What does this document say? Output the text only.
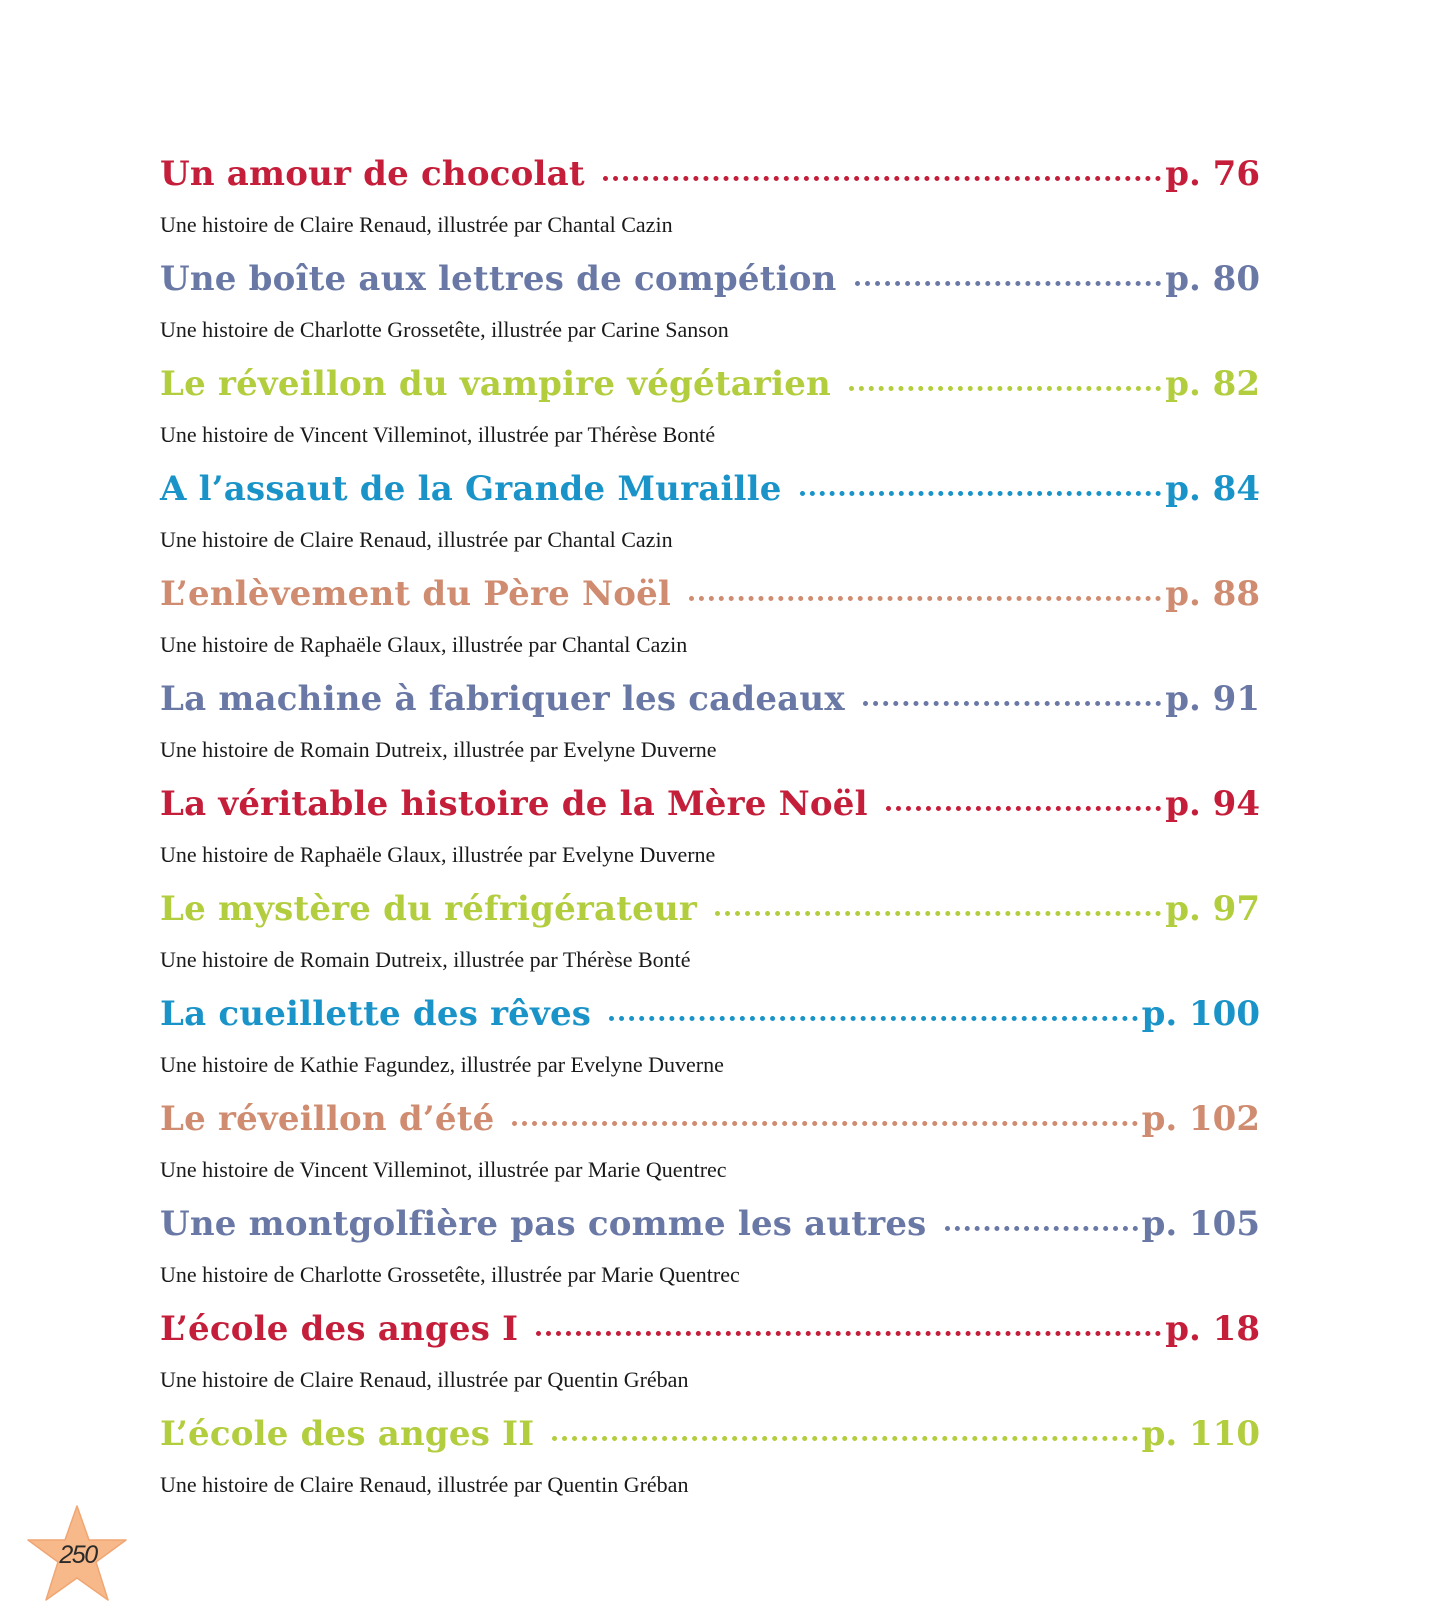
Un amour de chocolat	p. 76
Une histoire de Claire Renaud, illustrée par Chantal Cazin
Une boîte aux lettres de compétion	p. 80
Une histoire de Charlotte Grossetête, illustrée par Carine Sanson
Le réveillon du vampire végétarien	p. 82
Une histoire de Vincent Villeminot, illustrée par Thérèse Bonté
A l’assaut de la Grande Muraille	p. 84
Une histoire de Claire Renaud, illustrée par Chantal Cazin
L’enlèvement du Père Noël	p. 88
Une histoire de Raphaële Glaux, illustrée par Chantal Cazin
La machine à fabriquer les cadeaux	p. 91
Une histoire de Romain Dutreix, illustrée par Evelyne Duverne
La véritable histoire de la Mère Noël	p. 94
Une histoire de Raphaële Glaux, illustrée par Evelyne Duverne
Le mystère du réfrigérateur	p. 97
Une histoire de Romain Dutreix, illustrée par Thérèse Bonté
La cueillette des rêves	p. 100
Une histoire de Kathie Fagundez, illustrée par Evelyne Duverne
Le réveillon d’été	p. 102
Une histoire de Vincent Villeminot, illustrée par Marie Quentrec
Une montgolfière pas comme les autres	p. 105
Une histoire de Charlotte Grossetête, illustrée par Marie Quentrec
L’école des anges I	p. 18
Une histoire de Claire Renaud, illustrée par Quentin Gréban
L’école des anges II	p. 110
Une histoire de Claire Renaud, illustrée par Quentin Gréban
250
